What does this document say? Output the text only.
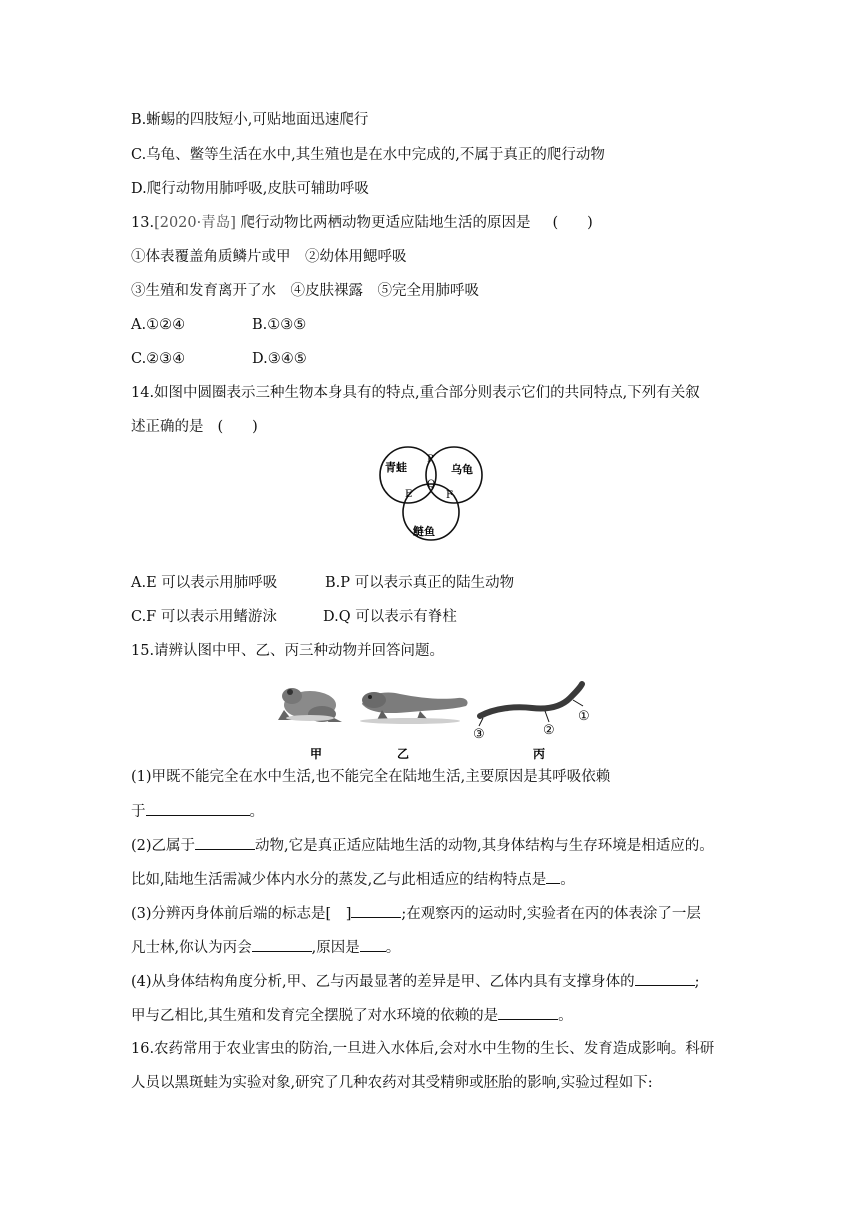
B.蜥蜴的四肢短小,可贴地面迅速爬行
C.乌龟、鳖等生活在水中,其生殖也是在水中完成的,不属于真正的爬行动物
D.爬行动物用肺呼吸,皮肤可辅助呼吸
13.[2020·青岛] 爬行动物比两栖动物更适应陆地生活的原因是 (　　)
①体表覆盖角质鳞片或甲　②幼体用鳃呼吸
③生殖和发育离开了水　④皮肤裸露　⑤完全用肺呼吸
A.①②④	B.①③⑤
C.②③④	D.③④⑤
14.如图中圆圈表示三种生物本身具有的特点,重合部分则表示它们的共同特点,下列有关叙
述正确的是 (　　)
青蛙	乌龟
鲢鱼
P
Q
E	F
A.E 可以表示用肺呼吸	B.P 可以表示真正的陆生动物
C.F 可以表示用鳍游泳	D.Q 可以表示有脊柱
15.请辨认图中甲、乙、丙三种动物并回答问题。
①
②
③
甲	乙	丙
(1)甲既不能完全在水中生活,也不能完全在陆地生活,主要原因是其呼吸依赖
于	。
(2)乙属于	动物,它是真正适应陆地生活的动物,其身体结构与生存环境是相适应的。
比如,陆地生活需减少体内水分的蒸发,乙与此相适应的结构特点是 。
(3)分辨丙身体前后端的标志是[　]	;在观察丙的运动时,实验者在丙的体表涂了一层
凡士林,你认为丙会	,原因是 。
(4)从身体结构角度分析,甲、乙与丙最显著的差异是甲、乙体内具有支撑身体的	;
甲与乙相比,其生殖和发育完全摆脱了对水环境的依赖的是	。
16.农药常用于农业害虫的防治,一旦进入水体后,会对水中生物的生长、发育造成影响。科研
人员以黑斑蛙为实验对象,研究了几种农药对其受精卵或胚胎的影响,实验过程如下:
